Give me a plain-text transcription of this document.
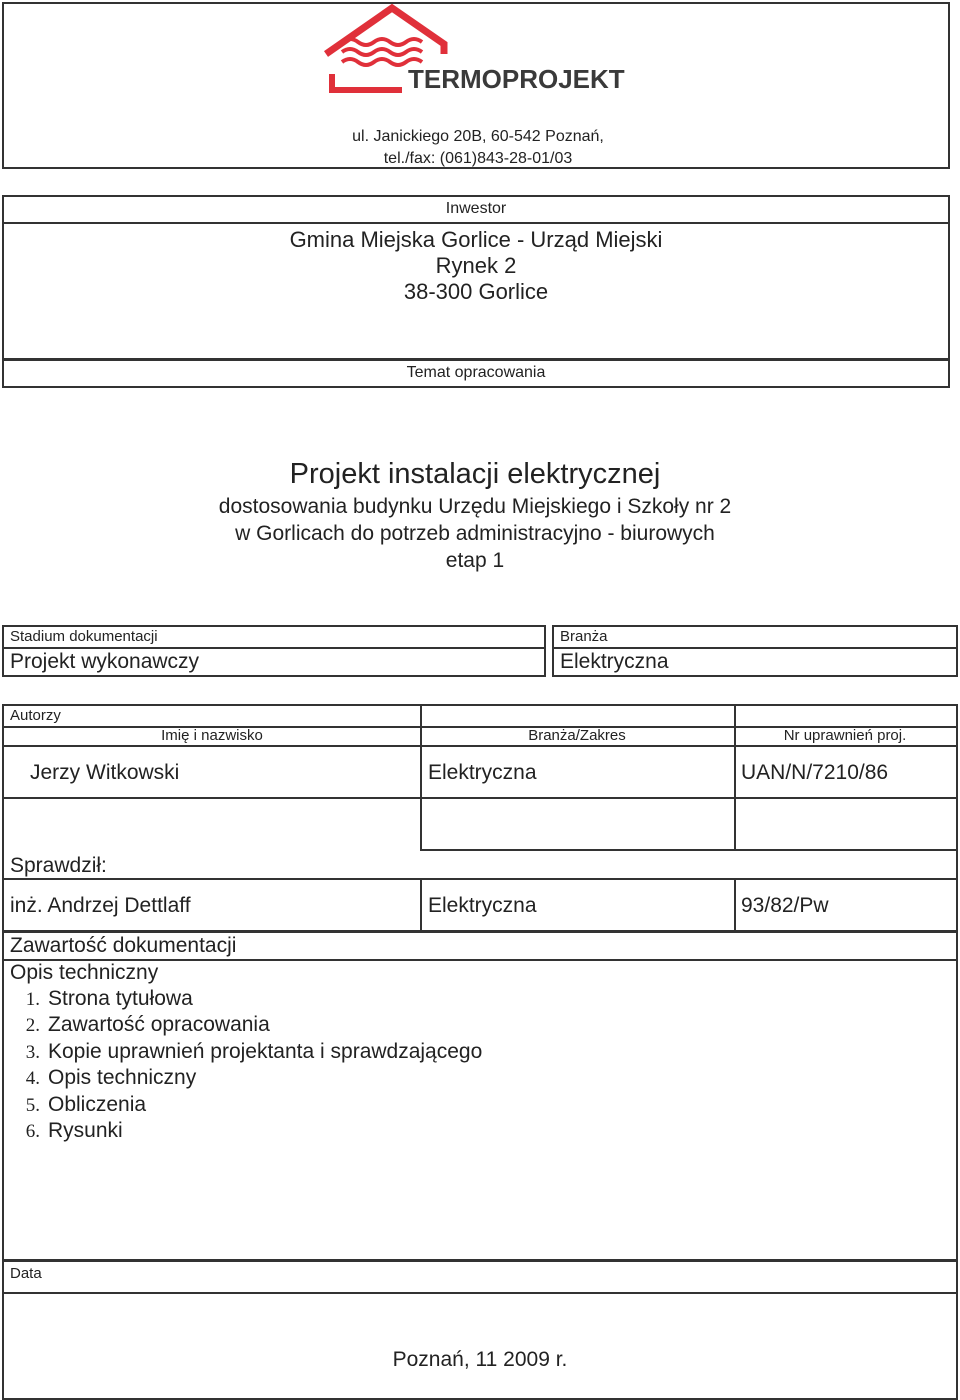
TERMOPROJEKT
ul. Janickiego 20B, 60-542 Poznań,
tel./fax: (061)843-28-01/03
Inwestor
Gmina Miejska Gorlice - Urząd Miejski
Rynek 2
38-300 Gorlice
Temat opracowania
Projekt instalacji elektrycznej
dostosowania budynku Urzędu Miejskiego i Szkoły nr 2
w Gorlicach do potrzeb administracyjno - biurowych
etap 1
Stadium dokumentacji
Projekt wykonawczy
Branża
Elektryczna
Autorzy
Imię i nazwisko	Branża/Zakres	Nr uprawnień proj.
Jerzy Witkowski	Elektryczna	UAN/N/7210/86
Sprawdził:
inż. Andrzej Dettlaff	Elektryczna	93/82/Pw
Zawartość dokumentacji
Opis techniczny
1. Strona tytułowa
2. Zawartość opracowania
3. Kopie uprawnień projektanta i sprawdzającego
4. Opis techniczny
5. Obliczenia
6. Rysunki
Data
Poznań, 11 2009 r.
